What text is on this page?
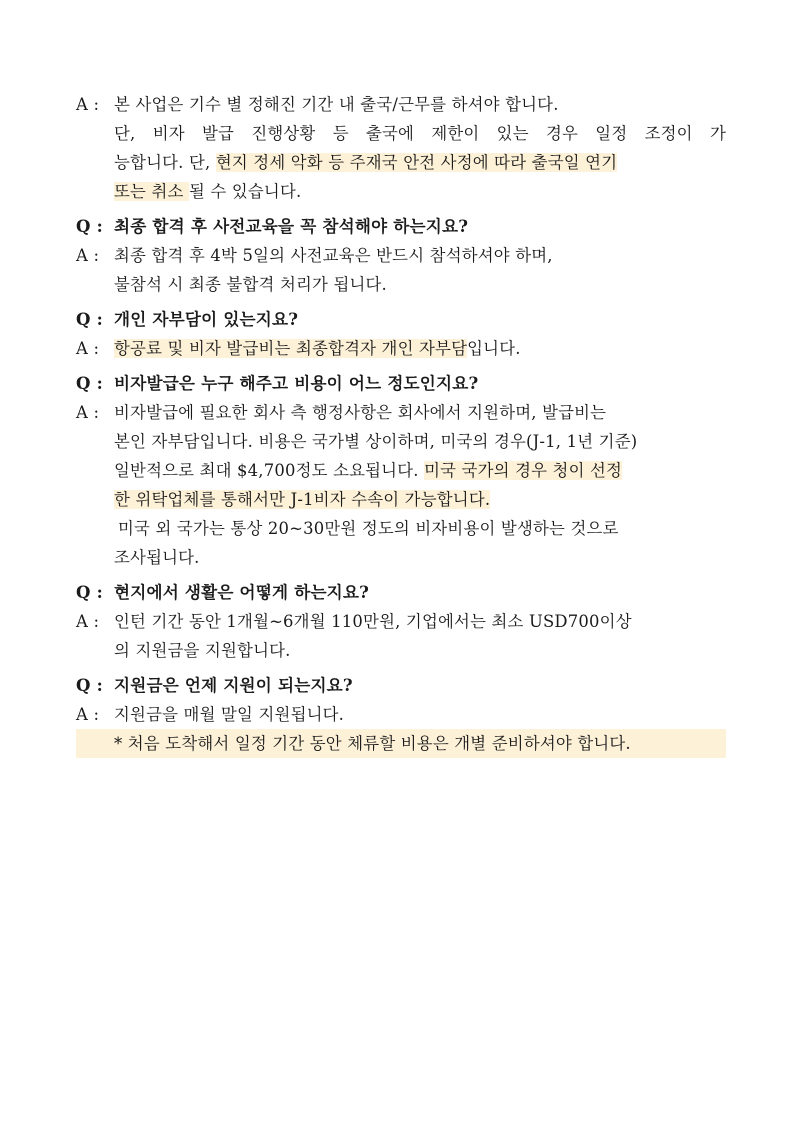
A : 본 사업은 기수 별 정해진 기간 내 출국/근무를 하셔야 합니다.
단, 비자 발급 진행상황 등 출국에 제한이 있는 경우 일정 조정이 가
능합니다. 단, 현지 정세 악화 등 주재국 안전 사정에 따라 출국일 연기
또는 취소 될 수 있습니다.
Q : 최종 합격 후 사전교육을 꼭 참석해야 하는지요?
A : 최종 합격 후 4박 5일의 사전교육은 반드시 참석하셔야 하며,
불참석 시 최종 불합격 처리가 됩니다.
Q : 개인 자부담이 있는지요?
A : 항공료 및 비자 발급비는 최종합격자 개인 자부담입니다.
Q : 비자발급은 누구 해주고 비용이 어느 정도인지요?
A : 비자발급에 필요한 회사 측 행정사항은 회사에서 지원하며, 발급비는
본인 자부담입니다. 비용은 국가별 상이하며, 미국의 경우(J-1, 1년 기준)
일반적으로 최대 $4,700정도 소요됩니다. 미국 국가의 경우 청이 선정
한 위탁업체를 통해서만 J-1비자 수속이 가능합니다.
미국 외 국가는 통상 20~30만원 정도의 비자비용이 발생하는 것으로
조사됩니다.
Q : 현지에서 생활은 어떻게 하는지요?
A : 인턴 기간 동안 1개월~6개월 110만원, 기업에서는 최소 USD700이상
의 지원금을 지원합니다.
Q : 지원금은 언제 지원이 되는지요?
A : 지원금을 매월 말일 지원됩니다.
* 처음 도착해서 일정 기간 동안 체류할 비용은 개별 준비하셔야 합니다.
